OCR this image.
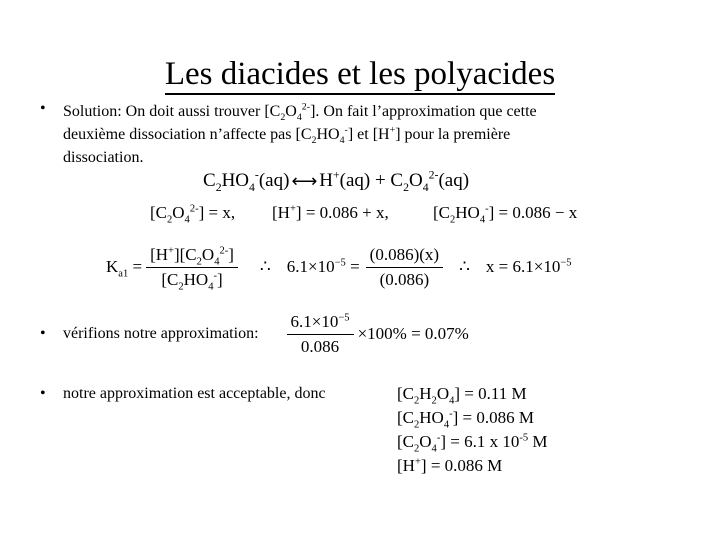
Les diacides et les polyacides
•	Solution: On doit aussi trouver $[C_2O_4^{2-}]$. On fait l’approximation que cette
deuxième dissociation n’affecte pas $[C_2HO_4^-]$ et [H+] pour la première
dissociation.
$C_2HO_4^-(aq)$ ⟷ $H^+(aq) + C_2O_4^{2-}(aq)$
$[C_2O_4^{2-}] = x$, [H+] = 0.086 + x,	$[C_2HO_4^-] = 0.086 - x$
$K_{a1} = \frac{[H^+][C_2O_4^{2-}]}{[C_2HO_4^-]}$ ∴ $6.1\times 10^{-5} = \frac{(0.086)(x)}{(0.086)}$ ∴ $x = 6.1\times 10^{-5}$
•	vérifions notre approximation: $\frac{6.1\times 10^{-5}}{0.086} \times 100\% = 0.07\%$
•	notre approximation est acceptable, donc	$[C_2H_2O_4] = 0.11$ M
$[C_2HO_4^-] = 0.086$ M
$[C_2O_4^-] = 6.1$ x $10^{-5}$ M
[H+] = 0.086 M
